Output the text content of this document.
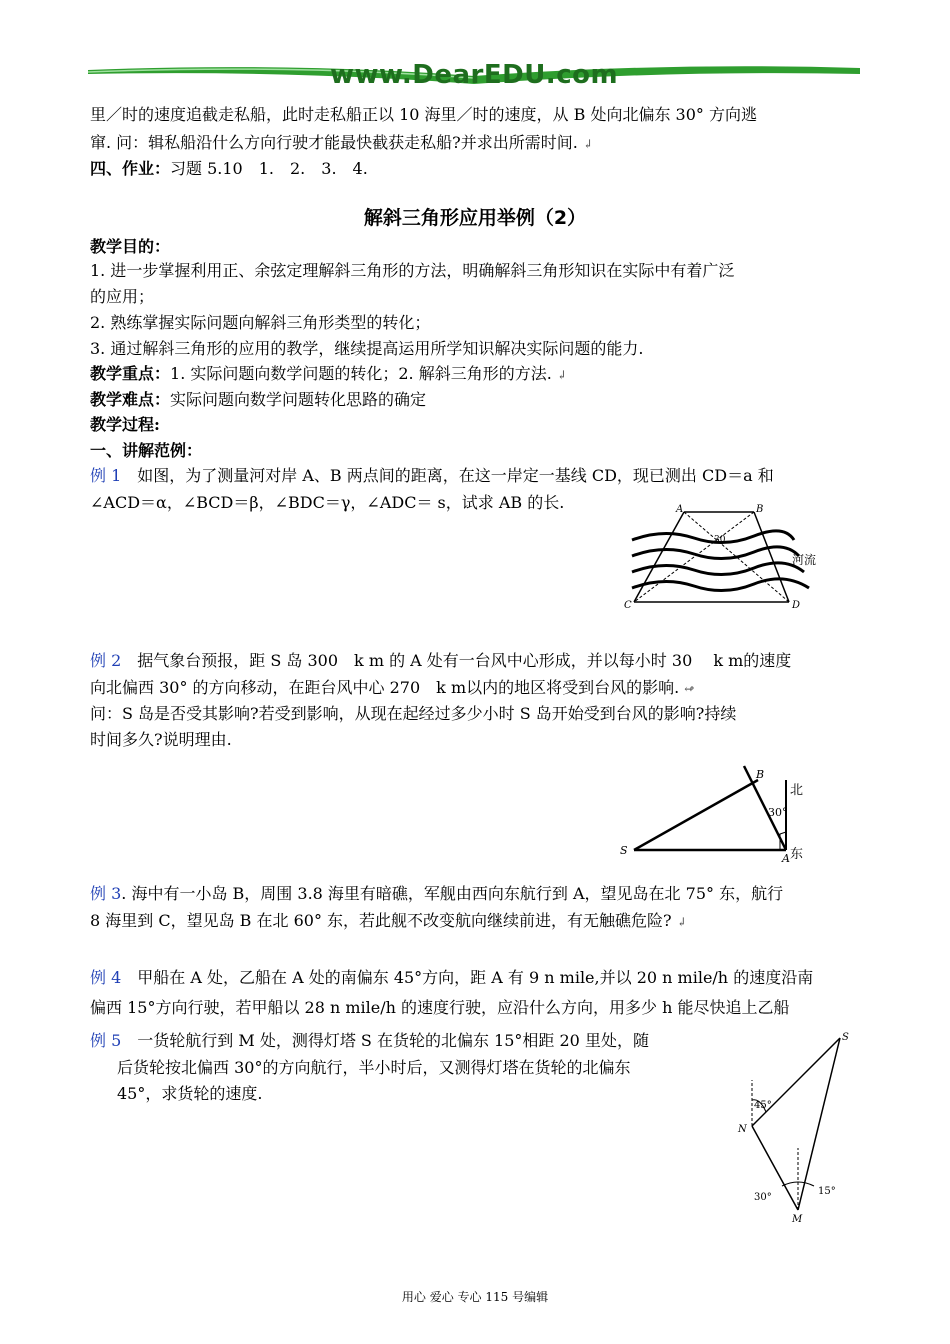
www.DearEDU.com
里／时的速度追截走私船，此时走私船正以 10 海里／时的速度，从 B 处向北偏东 30° 方向逃
窜. 问：辑私船沿什么方向行驶才能最快截获走私船?并求出所需时间. ↲
四、作业：习题 5.10　1.　2.　3.　4.
解斜三角形应用举例（2）
教学目的：
1. 进一步掌握利用正、余弦定理解斜三角形的方法，明确解斜三角形知识在实际中有着广泛
的应用；
2. 熟练掌握实际问题向解斜三角形类型的转化；
3. 通过解斜三角形的应用的教学，继续提高运用所学知识解决实际问题的能力.
教学重点：1. 实际问题向数学问题的转化；2. 解斜三角形的方法. ↲
教学难点：实际问题向数学问题转化思路的确定
教学过程:
一、讲解范例：
例 1　如图，为了测量河对岸 A、B 两点间的距离，在这一岸定一基线 CD，现已测出 CD＝a 和
∠ACD＝α，∠BCD＝β，∠BDC＝γ，∠ADC＝ s，试求 AB 的长.	A	B
C	D
30
河流
例 2　据气象台预报，距 S 岛 300　k m 的 A 处有一台风中心形成，并以每小时 30　 k m的速度
向北偏西 30° 的方向移动，在距台风中心 270　k m以内的地区将受到台风的影响. ↫
问：S 岛是否受其影响?若受到影响，从现在起经过多少小时 S 岛开始受到台风的影响?持续
时间多久?说明理由.
S
A
B
北
东
30°
例 3. 海中有一小岛 B，周围 3.8 海里有暗礁，军舰由西向东航行到 A，望见岛在北 75° 东，航行
8 海里到 C，望见岛 B 在北 60° 东，若此舰不改变航向继续前进，有无触礁危险? ↲
例 4　甲船在 A 处，乙船在 A 处的南偏东 45°方向，距 A 有 9 n mile,并以 20 n mile/h 的速度沿南
偏西 15°方向行驶，若甲船以 28 n mile/h 的速度行驶，应沿什么方向，用多少 h 能尽快追上乙船
例 5　一货轮航行到 M 处，测得灯塔 S 在货轮的北偏东 15°相距 20 里处，随
后货轮按北偏西 30°的方向航行，半小时后，又测得灯塔在货轮的北偏东
45°，求货轮的速度.
S
N
M
45°
30°
15°
用心 爱心 专心 115 号编辑
